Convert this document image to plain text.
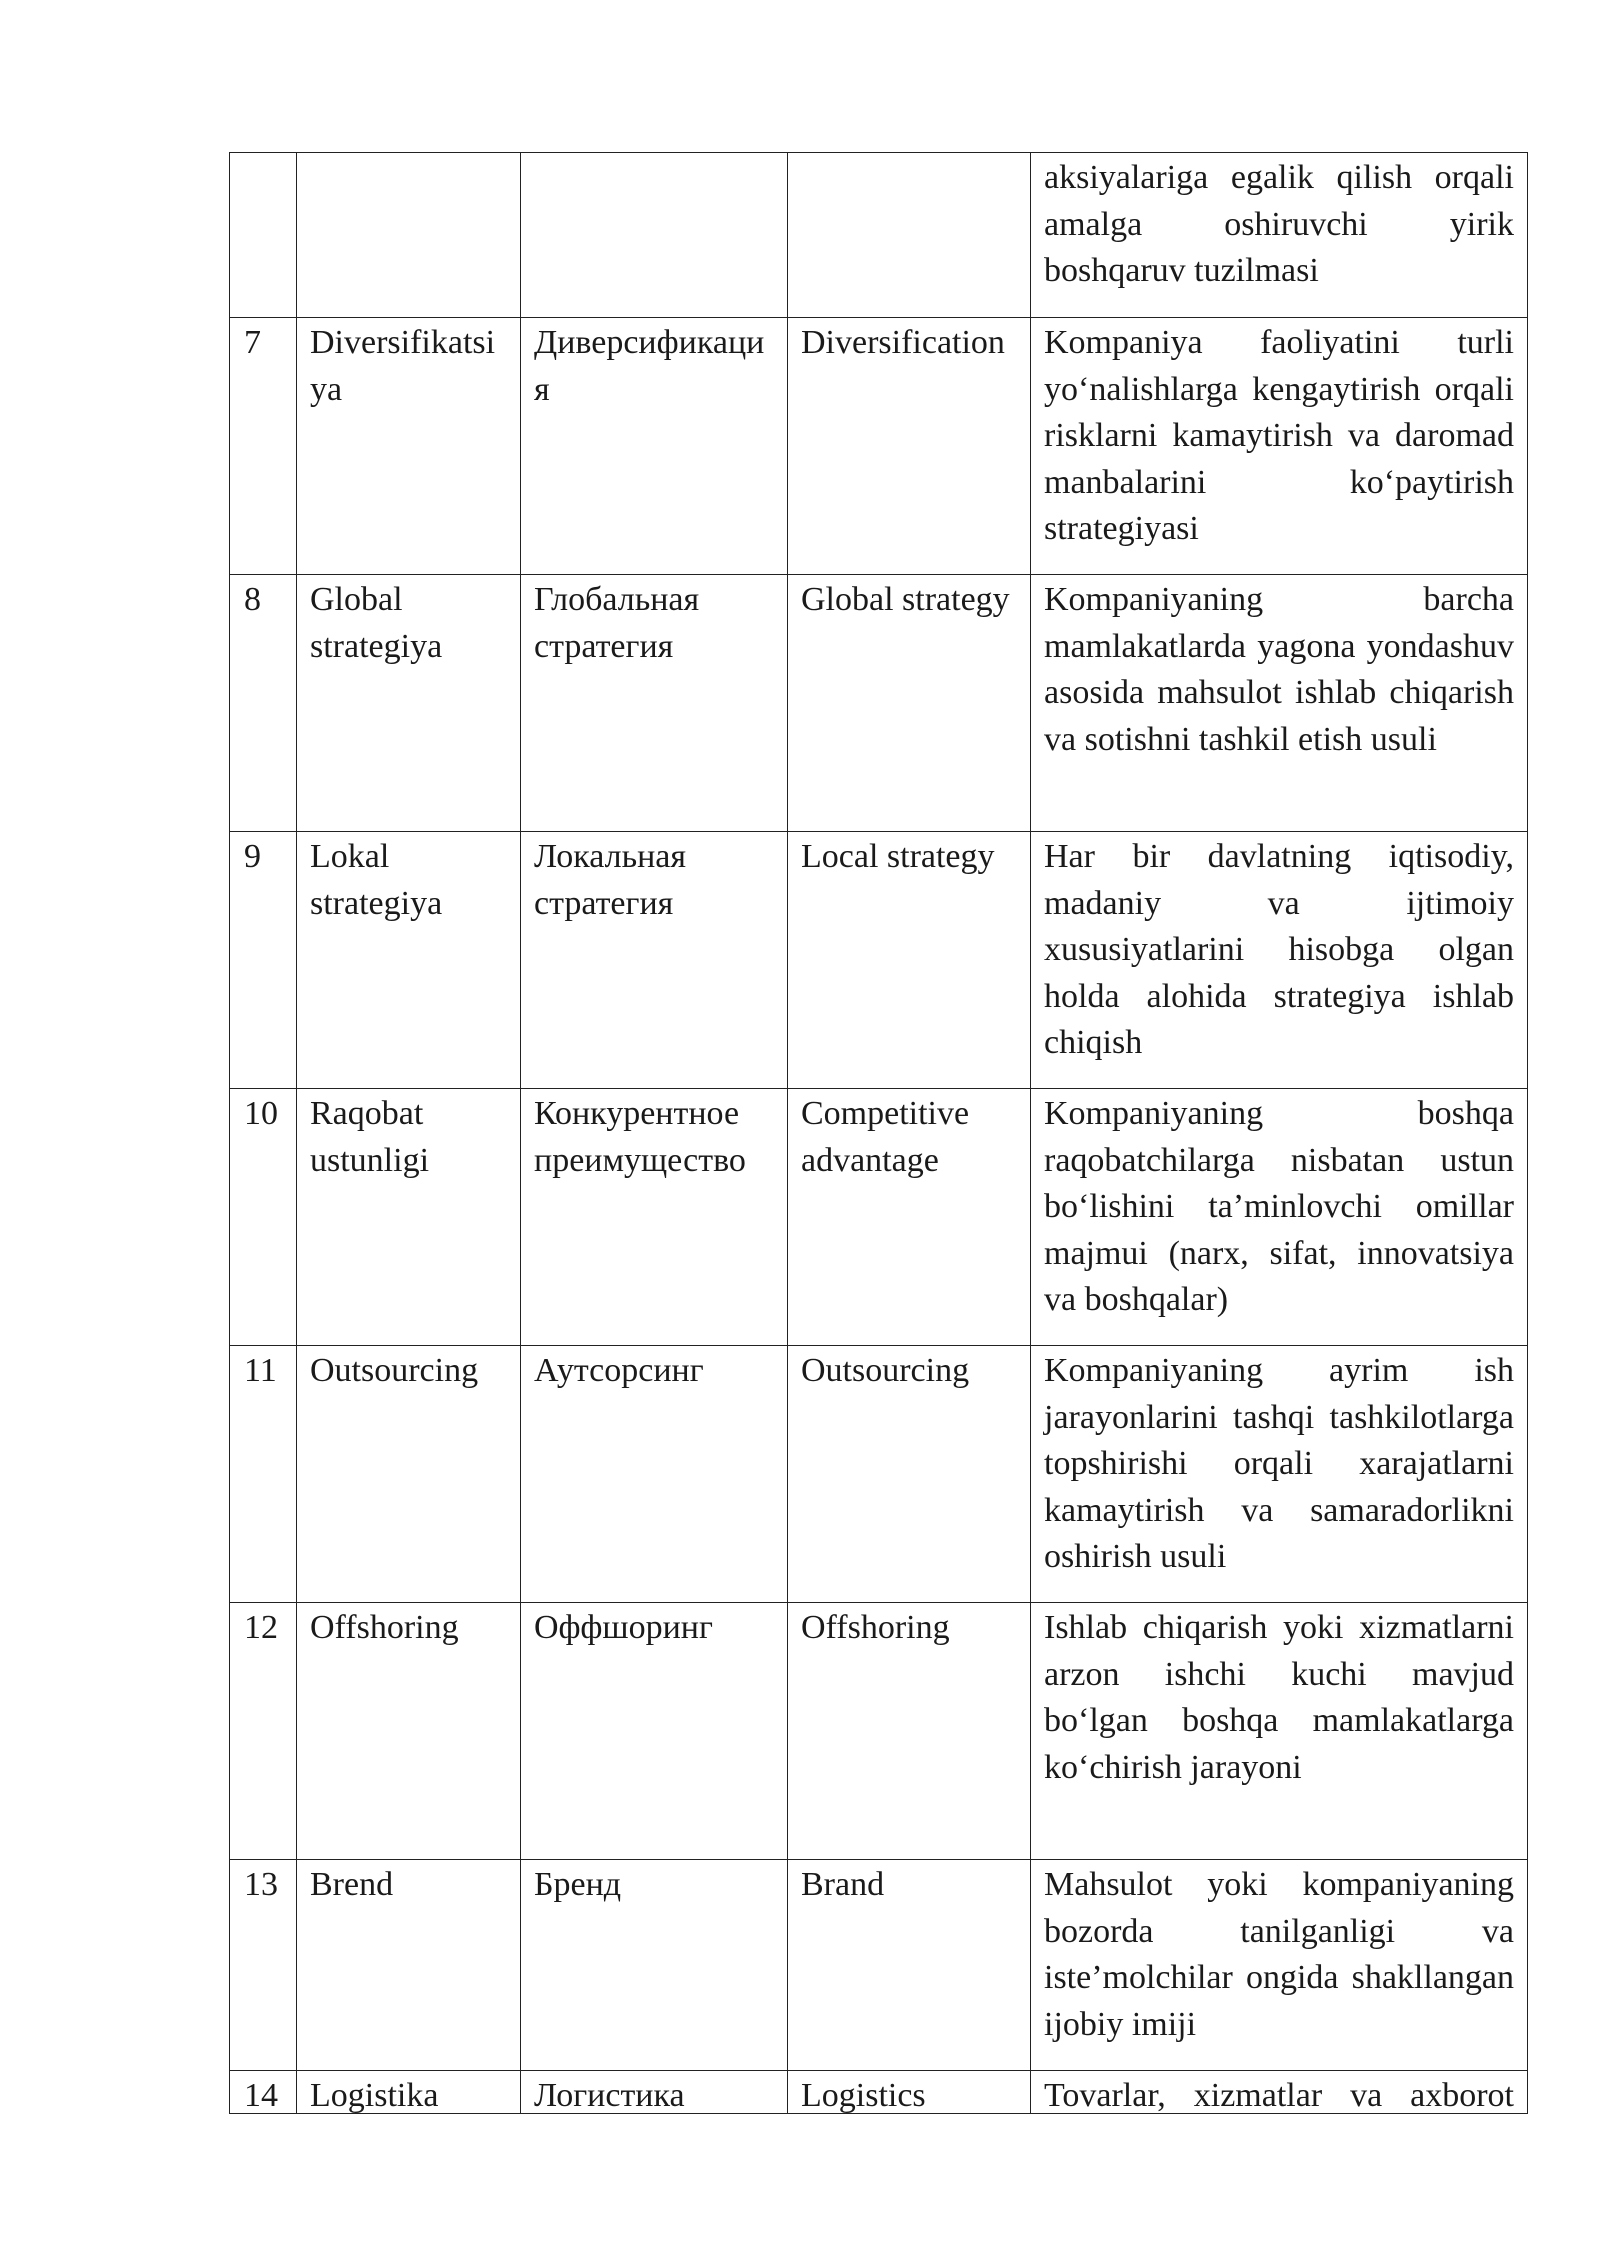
				aksiyalariga egalik qilish orqali amalga oshiruvchi yirik boshqaruv tuzilmasi
7	Diversifikatsiya	Диверсификация	Diversification	Kompaniya faoliyatini turli yo‘nalishlarga kengaytirish orqali risklarni kamaytirish va daromad manbalarini ko‘paytirish strategiyasi
8	Global strategiya	Глобальная стратегия	Global strategy	Kompaniyaning barcha mamlakatlarda yagona yondashuv asosida mahsulot ishlab chiqarish va sotishni tashkil etish usuli
9	Lokal strategiya	Локальная стратегия	Local strategy	Har bir davlatning iqtisodiy, madaniy va ijtimoiy xususiyatlarini hisobga olgan holda alohida strategiya ishlab chiqish
10	Raqobat ustunligi	Конкурентное преимущество	Competitive advantage	Kompaniyaning boshqa raqobatchilarga nisbatan ustun bo‘lishini ta’minlovchi omillar majmui (narx, sifat, innovatsiya va boshqalar)
11	Outsourcing	Аутсорсинг	Outsourcing	Kompaniyaning ayrim ish jarayonlarini tashqi tashkilotlarga topshirishi orqali xarajatlarni kamaytirish va samaradorlikni oshirish usuli
12	Offshoring	Оффшоринг	Offshoring	Ishlab chiqarish yoki xizmatlarni arzon ishchi kuchi mavjud bo‘lgan boshqa mamlakatlarga ko‘chirish jarayoni
13	Brend	Бренд	Brand	Mahsulot yoki kompaniyaning bozorda tanilganligi va iste’molchilar ongida shakllangan ijobiy imiji

14	Logistika	Логистика	Logistics	Tovarlar, xizmatlar va axborot
